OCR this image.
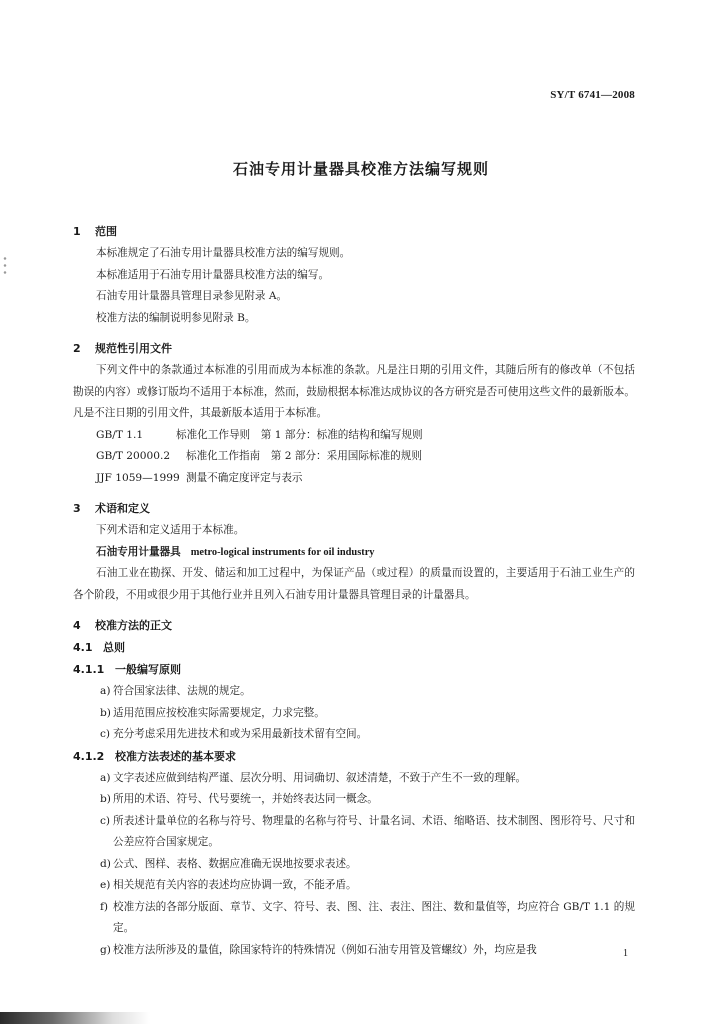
SY/T 6741—2008
石油专用计量器具校准方法编写规则
1 范围
本标准规定了石油专用计量器具校准方法的编写规则。
本标准适用于石油专用计量器具校准方法的编写。
石油专用计量器具管理目录参见附录 A。
校准方法的编制说明参见附录 B。
2 规范性引用文件
下列文件中的条款通过本标准的引用而成为本标准的条款。凡是注日期的引用文件，其随后所有的修改单（不包括勘误的内容）或修订版均不适用于本标准，然而，鼓励根据本标准达成协议的各方研究是否可使用这些文件的最新版本。凡是不注日期的引用文件，其最新版本适用于本标准。
GB/T 1.1	标准化工作导则　第 1 部分：标准的结构和编写规则
GB/T 20000.2 标准化工作指南　第 2 部分：采用国际标准的规则
JJF 1059—1999 测量不确定度评定与表示
3 术语和定义
下列术语和定义适用于本标准。
石油专用计量器具 metro-logical instruments for oil industry
石油工业在勘探、开发、储运和加工过程中，为保证产品（或过程）的质量而设置的，主要适用于石油工业生产的各个阶段，不用或很少用于其他行业并且列入石油专用计量器具管理目录的计量器具。
4 校准方法的正文
4.1 总则
4.1.1 一般编写原则
a) 符合国家法律、法规的规定。
b) 适用范围应按校准实际需要规定，力求完整。
c) 充分考虑采用先进技术和或为采用最新技术留有空间。
4.1.2 校准方法表述的基本要求
a) 文字表述应做到结构严谨、层次分明、用词确切、叙述清楚，不致于产生不一致的理解。
b) 所用的术语、符号、代号要统一，并始终表达同一概念。
c) 所表述计量单位的名称与符号、物理量的名称与符号、计量名词、术语、缩略语、技术制图、图形符号、尺寸和公差应符合国家规定。
d) 公式、图样、表格、数据应准确无误地按要求表述。
e) 相关规范有关内容的表述均应协调一致，不能矛盾。
f) 校准方法的各部分版面、章节、文字、符号、表、图、注、表注、图注、数和量值等，均应符合 GB/T 1.1 的规定。
g) 校准方法所涉及的量值，除国家特许的特殊情况（例如石油专用管及管螺纹）外，均应是我	1
